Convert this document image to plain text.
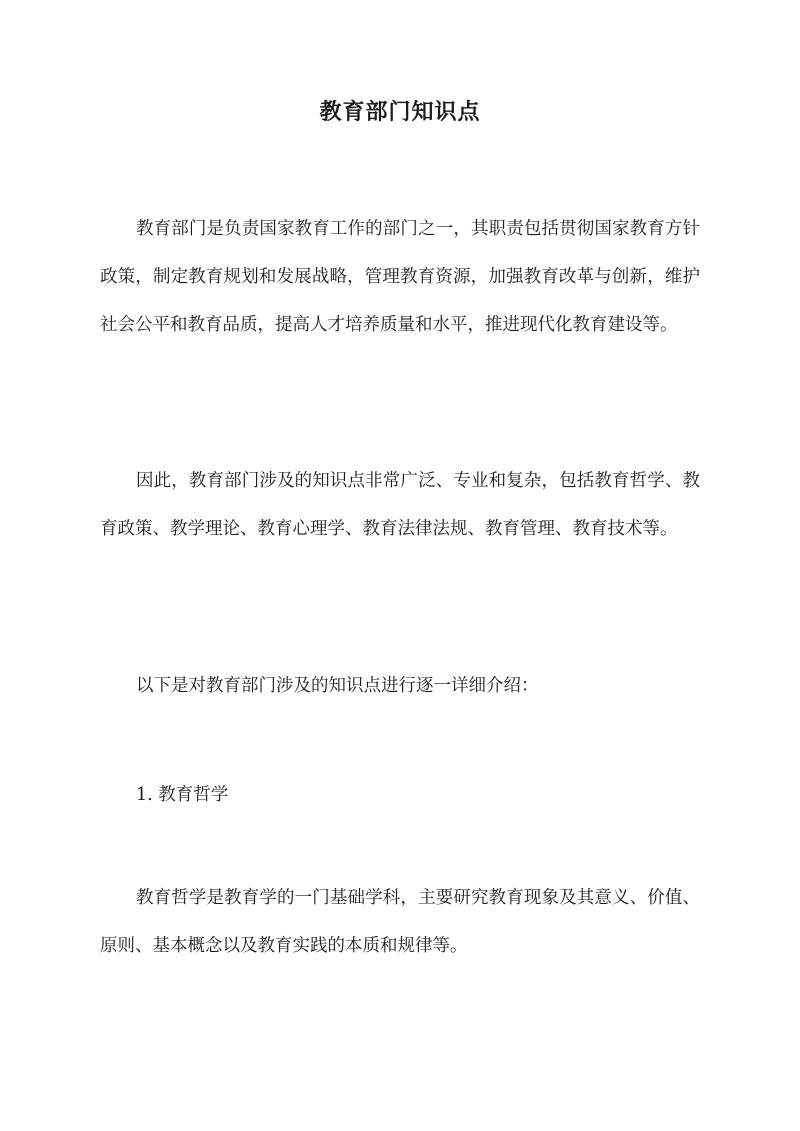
教育部门知识点

教育部门是负责国家教育工作的部门之一，其职责包括贯彻国家教育方针政策，制定教育规划和发展战略，管理教育资源，加强教育改革与创新，维护社会公平和教育品质，提高人才培养质量和水平，推进现代化教育建设等。

因此，教育部门涉及的知识点非常广泛、专业和复杂，包括教育哲学、教育政策、教学理论、教育心理学、教育法律法规、教育管理、教育技术等。

以下是对教育部门涉及的知识点进行逐一详细介绍：

1. 教育哲学

教育哲学是教育学的一门基础学科，主要研究教育现象及其意义、价值、原则、基本概念以及教育实践的本质和规律等。
